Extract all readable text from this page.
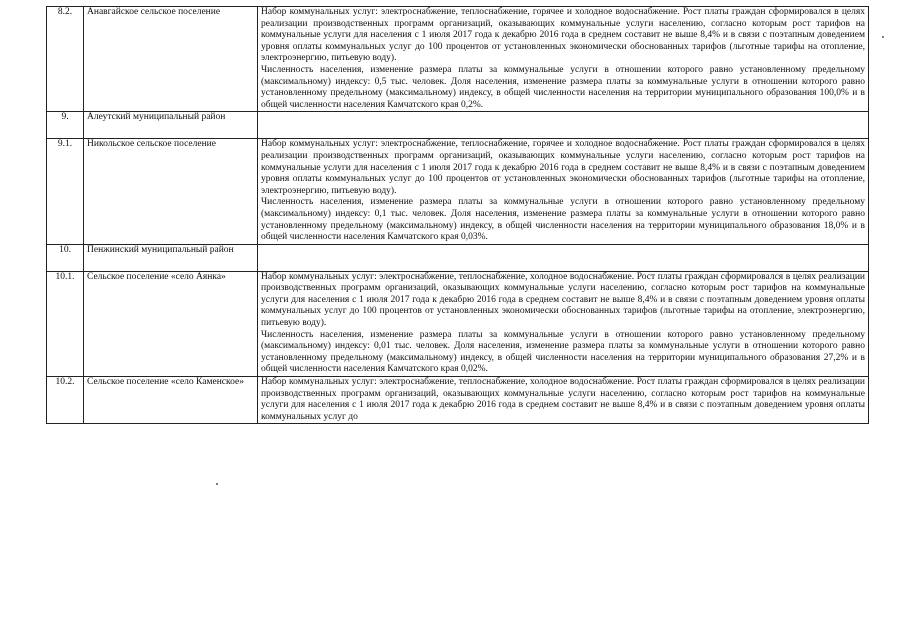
8.2.	Анавгайское сельское поселение	Набор коммунальных услуг: электроснабжение, теплоснабжение, горячее и холодное водоснабжение. Рост платы граждан сформировался в целях реализации производственных программ организаций, оказывающих коммунальные услуги населению, согласно которым рост тарифов на коммунальные услуги для населения с 1 июля 2017 года к декабрю 2016 года в среднем составит не выше 8,4% и в связи с поэтапным доведением уровня оплаты коммунальных услуг до 100 процентов от установленных экономически обоснованных тарифов (льготные тарифы на отопление, электроэнергию, питьевую воду).

Численность населения, изменение размера платы за коммунальные услуги в отношении которого равно установленному предельному (максимальному) индексу: 0,5 тыс. человек. Доля населения, изменение размера платы за коммунальные услуги в отношении которого равно установленному предельному (максимальному) индексу, в общей численности населения на территории муниципального образования 100,0% и в общей численности населения Камчатского края 0,2%.

9.	Алеутский муниципальный район	
9.1.	Никольское сельское поселение	Набор коммунальных услуг: электроснабжение, теплоснабжение, горячее и холодное водоснабжение. Рост платы граждан сформировался в целях реализации производственных программ организаций, оказывающих коммунальные услуги населению, согласно которым рост тарифов на коммунальные услуги для населения с 1 июля 2017 года к декабрю 2016 года в среднем составит не выше 8,4% и в связи с поэтапным доведением уровня оплаты коммунальных услуг до 100 процентов от установленных экономически обоснованных тарифов (льготные тарифы на отопление, электроэнергию, питьевую воду).

Численность населения, изменение размера платы за коммунальные услуги в отношении которого равно установленному предельному (максимальному) индексу: 0,1 тыс. человек. Доля населения, изменение размера платы за коммунальные услуги в отношении которого равно установленному предельному (максимальному) индексу, в общей численности населения на территории муниципального образования 18,0% и в общей численности населения Камчатского края 0,03%.

10.	Пенжинский муниципальный район	
10.1.	Сельское поселение «село Аянка»	Набор коммунальных услуг: электроснабжение, теплоснабжение, холодное водоснабжение. Рост платы граждан сформировался в целях реализации производственных программ организаций, оказывающих коммунальные услуги населению, согласно которым рост тарифов на коммунальные услуги для населения с 1 июля 2017 года к декабрю 2016 года в среднем составит не выше 8,4% и в связи с поэтапным доведением уровня оплаты коммунальных услуг до 100 процентов от установленных экономически обоснованных тарифов (льготные тарифы на отопление, электроэнергию, питьевую воду).

Численность населения, изменение размера платы за коммунальные услуги в отношении которого равно установленному предельному (максимальному) индексу: 0,01 тыс. человек. Доля населения, изменение размера платы за коммунальные услуги в отношении которого равно установленному предельному (максимальному) индексу, в общей численности населения на территории муниципального образования 27,2% и в общей численности населения Камчатского края 0,02%.

10.2.	Сельское поселение «село Каменское»	Набор коммунальных услуг: электроснабжение, теплоснабжение, холодное водоснабжение. Рост платы граждан сформировался в целях реализации производственных программ организаций, оказывающих коммунальные услуги населению, согласно которым рост тарифов на коммунальные услуги для населения с 1 июля 2017 года к декабрю 2016 года в среднем составит не выше 8,4% и в связи с поэтапным доведением уровня оплаты коммунальных услуг до
